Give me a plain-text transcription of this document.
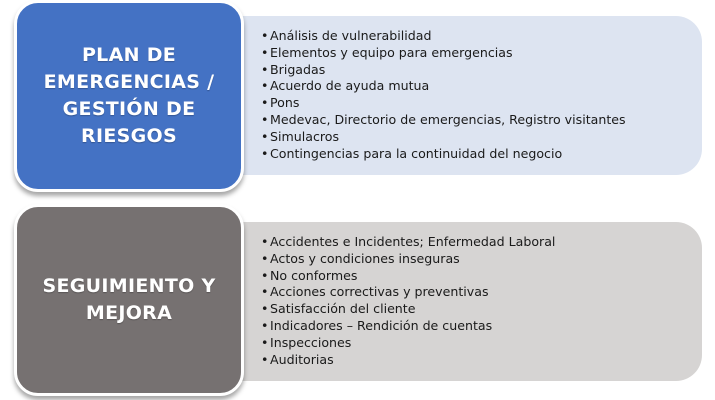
• Análisis de vulnerabilidad
• Elementos y equipo para emergencias
• Brigadas
• Acuerdo de ayuda mutua
• Pons
• Medevac, Directorio de emergencias, Registro visitantes
• Simulacros
• Contingencias para la continuidad del negocio
PLAN DE EMERGENCIAS / GESTIÓN DE RIESGOS
• Accidentes e Incidentes; Enfermedad Laboral
• Actos y condiciones inseguras
• No conformes
• Acciones correctivas y preventivas
• Satisfacción del cliente
• Indicadores – Rendición de cuentas
• Inspecciones
• Auditorias
SEGUIMIENTO Y MEJORA
